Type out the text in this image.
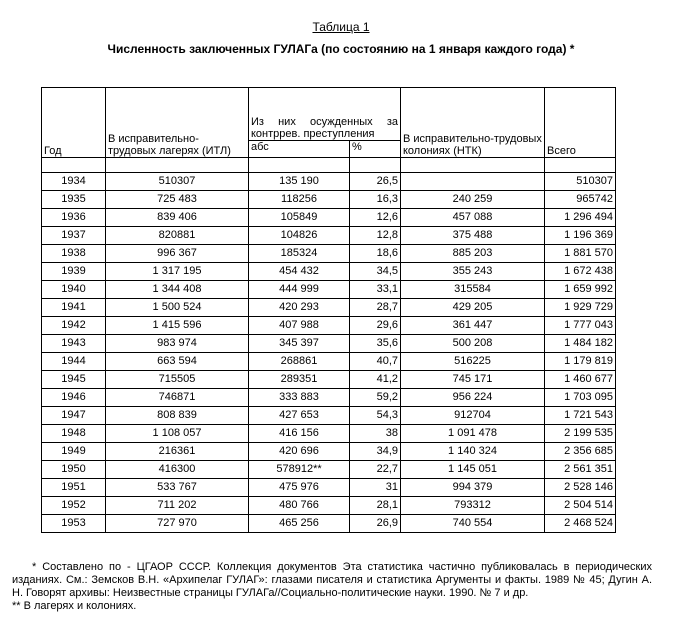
Таблица 1
Численность заключенных ГУЛАГа (по состоянию на 1 января каждого года) *
Год	В исправительно-трудовых лагерях (ИТЛ)	Из них осужденных за контррев. преступления		В исправительно-трудовых колониях (НТК)	Всего
		абс	%		

1934	510307	135 190	26,5		510307
1935	725 483	118256	16,3	240 259	965742
1936	839 406	105849	12,6	457 088	1 296 494
1937	820881	104826	12,8	375 488	1 196 369
1938	996 367	185324	18,6	885 203	1 881 570
1939	1 317 195	454 432	34,5	355 243	1 672 438
1940	1 344 408	444 999	33,1	315584	1 659 992
1941	1 500 524	420 293	28,7	429 205	1 929 729
1942	1 415 596	407 988	29,6	361 447	1 777 043
1943	983 974	345 397	35,6	500 208	1 484 182
1944	663 594	268861	40,7	516225	1 179 819
1945	715505	289351	41,2	745 171	1 460 677
1946	746871	333 883	59,2	956 224	1 703 095
1947	808 839	427 653	54,3	912704	1 721 543
1948	1 108 057	416 156	38	1 091 478	2 199 535
1949	216361	420 696	34,9	1 140 324	2 356 685
1950	416300	578912**	22,7	1 145 051	2 561 351
1951	533 767	475 976	31	994 379	2 528 146
1952	711 202	480 766	28,1	793312	2 504 514
1953	727 970	465 256	26,9	740 554	2 468 524

* Составлено по - ЦГАОР СССР. Коллекция документов Эта статистика частично публиковалась в периодических изданиях. См.: Земсков В.Н. «Архипелаг ГУЛАГ»: глазами писателя и статистика Аргументы и факты. 1989 № 45; Дугин А. Н. Говорят архивы: Неизвестные страницы ГУЛАГа//Социально-политические науки. 1990. № 7 и др.

** В лагерях и колониях.
